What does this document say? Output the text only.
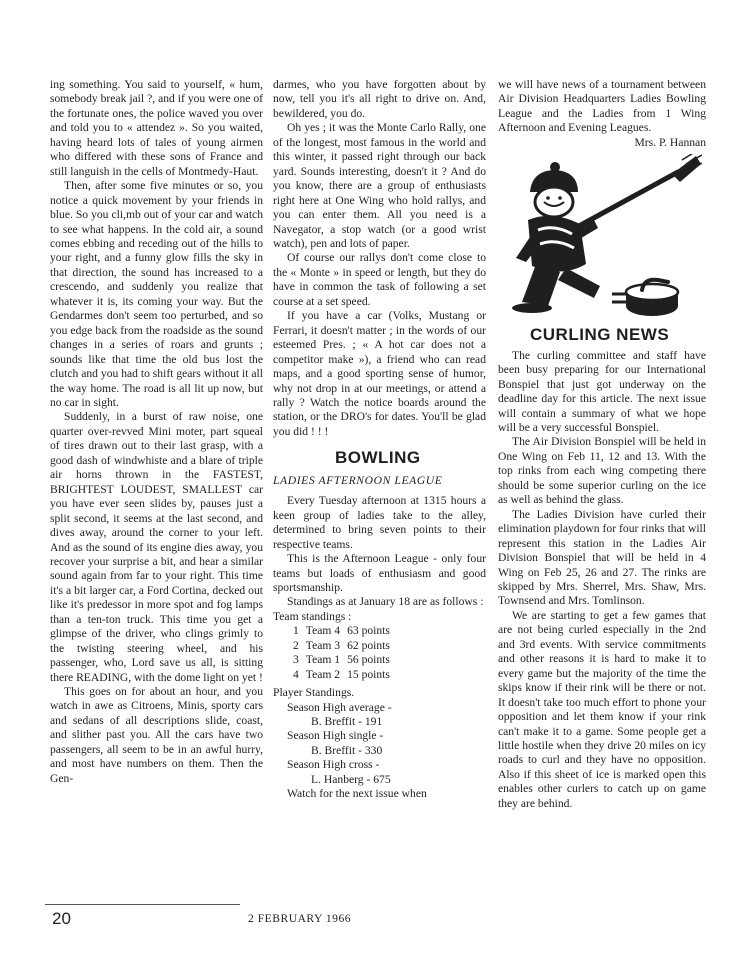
ing something. You said to yourself, « hum, somebody break jail ?, and if you were one of the fortunate ones, the police waved you over and told you to « attendez ». So you waited, having heard lots of tales of young airmen who differed with these sons of France and still languish in the cells of Montmedy-Haut.

Then, after some five minutes or so, you notice a quick movement by your friends in blue. So you cli,mb out of your car and watch to see what happens. In the cold air, a sound comes ebbing and receding out of the hills to your right, and a funny glow fills the sky in that direction, the sound has increased to a crescendo, and suddenly you realize that whatever it is, its coming your way. But the Gendarmes don't seem too perturbed, and so you edge back from the roadside as the sound changes in a series of roars and grunts ; sounds like that time the old bus lost the clutch and you had to shift gears without it all the way home. The road is all lit up now, but no car in sight.

Suddenly, in a burst of raw noise, one quarter over-revved Mini moter, part squeal of tires drawn out to their last grasp, with a good dash of windwhiste and a blare of triple air horns thrown in the FASTEST, BRIGHTEST LOUDEST, SMALLEST car you have ever seen slides by, pauses just a split second, it seems at the last second, and dives away, around the corner to your left. And as the sound of its engine dies away, you recover your surprise a bit, and hear a similar sound again from far to your right. This time it's a bit larger car, a Ford Cortina, decked out like it's predessor in more spot and fog lamps than a ten-ton truck. This time you get a glimpse of the driver, who clings grimly to the twisting steering wheel, and his passenger, who, Lord save us all, is sitting there READING, with the dome light on yet !

This goes on for about an hour, and you watch in awe as Citroens, Minis, sporty cars and sedans of all descriptions slide, coast, and slither past you. All the cars have two passengers, all seem to be in an awful hurry, and most have numbers on them. Then the Gen-

darmes, who you have forgotten about by now, tell you it's all right to drive on. And, bewildered, you do.

Oh yes ; it was the Monte Carlo Rally, one of the longest, most famous in the world and this winter, it passed right through our back yard. Sounds interesting, doesn't it ? And do you know, there are a group of enthusiasts right here at One Wing who hold rallys, and you can enter them. All you need is a Navegator, a stop watch (or a good wrist watch), pen and lots of paper.

Of course our rallys don't come close to the « Monte » in speed or length, but they do have in common the task of following a set course at a set speed.

If you have a car (Volks, Mustang or Ferrari, it doesn't matter ; in the words of our esteemed Pres. ; « A hot car does not a competitor make »), a friend who can read maps, and a good sporting sense of humor, why not drop in at our meetings, or attend a rally ? Watch the notice boards around the station, or the DRO's for dates. You'll be glad you did ! ! !

BOWLING
LADIES AFTERNOON LEAGUE

Every Tuesday afternoon at 1315 hours a keen group of ladies take to the alley, determined to bring seven points to their respective teams.

This is the Afternoon League - only four teams but loads of enthusiasm and good sportsmanship.

Standings as at January 18 are as follows :

Team standings :

1	Team 4	63 points
2	Team 3	62 points
3	Team 1	56 points
4	Team 2	15 points

Player Standings.

Season High average -

B. Breffit - 191

Season High single -

B. Breffit - 330

Season High cross -

L. Hanberg - 675

Watch for the next issue when

we will have news of a tournament between Air Division Headquarters Ladies Bowling League and the Ladies from 1 Wing Afternoon and Evening Leagues.

Mrs. P. Hannan

CURLING NEWS

The curling committee and staff have been busy preparing for our International Bonspiel that just got underway on the deadline day for this article. The next issue will contain a summary of what we hope will be a very successful Bonspiel.

The Air Division Bonspiel will be held in One Wing on Feb 11, 12 and 13. With the top rinks from each wing competing there should be some superior curling on the ice as well as behind the glass.

The Ladies Division have curled their elimination playdown for four rinks that will represent this station in the Ladies Air Division Bonspiel that will be held in 4 Wing on Feb 25, 26 and 27. The rinks are skipped by Mrs. Sherrel, Mrs. Shaw, Mrs. Townsend and Mrs. Tomlinson.

We are starting to get a few games that are not being curled especially in the 2nd and 3rd events. With service commitments and other reasons it is hard to make it to every game but the majority of the time the skips know if their rink will be there or not. It doesn't take too much effort to phone your opposition and let them know if your rink can't make it to a game. Some people get a little hostile when they drive 20 miles on icy roads to curl and they have no opposition. Also if this sheet of ice is marked open this enables other curlers to catch up on game they are behind.

20	2 FEBRUARY 1966
